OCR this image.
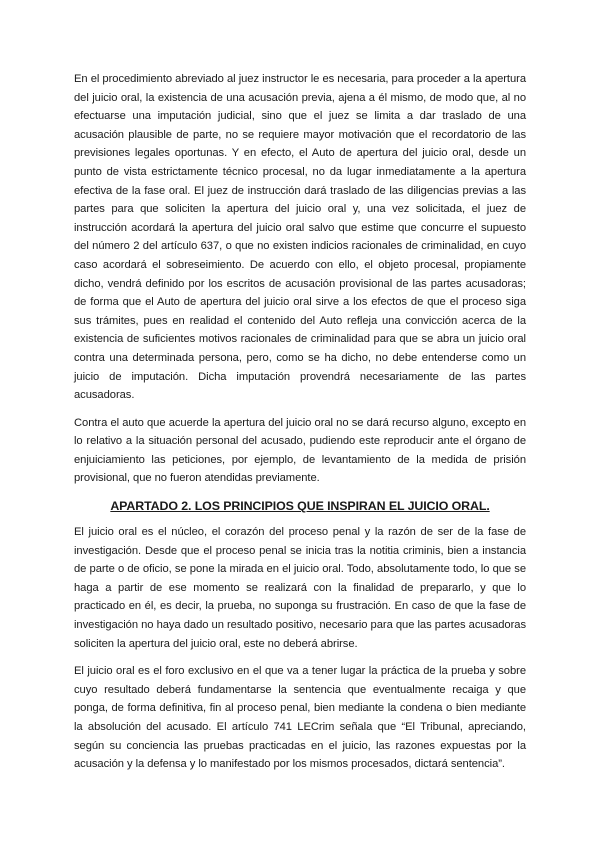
En el procedimiento abreviado al juez instructor le es necesaria, para proceder a la apertura del juicio oral, la existencia de una acusación previa, ajena a él mismo, de modo que, al no efectuarse una imputación judicial, sino que el juez se limita a dar traslado de una acusación plausible de parte, no se requiere mayor motivación que el recordatorio de las previsiones legales oportunas. Y en efecto, el Auto de apertura del juicio oral, desde un punto de vista estrictamente técnico procesal, no da lugar inmediatamente a la apertura efectiva de la fase oral. El juez de instrucción dará traslado de las diligencias previas a las partes para que soliciten la apertura del juicio oral y, una vez solicitada, el juez de instrucción acordará la apertura del juicio oral salvo que estime que concurre el supuesto del número 2 del artículo 637, o que no existen indicios racionales de criminalidad, en cuyo caso acordará el sobreseimiento. De acuerdo con ello, el objeto procesal, propiamente dicho, vendrá definido por los escritos de acusación provisional de las partes acusadoras; de forma que el Auto de apertura del juicio oral sirve a los efectos de que el proceso siga sus trámites, pues en realidad el contenido del Auto refleja una convicción acerca de la existencia de suficientes motivos racionales de criminalidad para que se abra un juicio oral contra una determinada persona, pero, como se ha dicho, no debe entenderse como un juicio de imputación. Dicha imputación provendrá necesariamente de las partes acusadoras.

Contra el auto que acuerde la apertura del juicio oral no se dará recurso alguno, excepto en lo relativo a la situación personal del acusado, pudiendo este reproducir ante el órgano de enjuiciamiento las peticiones, por ejemplo, de levantamiento de la medida de prisión provisional, que no fueron atendidas previamente.

APARTADO 2. LOS PRINCIPIOS QUE INSPIRAN EL JUICIO ORAL.

El juicio oral es el núcleo, el corazón del proceso penal y la razón de ser de la fase de investigación. Desde que el proceso penal se inicia tras la notitia criminis, bien a instancia de parte o de oficio, se pone la mirada en el juicio oral. Todo, absolutamente todo, lo que se haga a partir de ese momento se realizará con la finalidad de prepararlo, y que lo practicado en él, es decir, la prueba, no suponga su frustración. En caso de que la fase de investigación no haya dado un resultado positivo, necesario para que las partes acusadoras soliciten la apertura del juicio oral, este no deberá abrirse.

El juicio oral es el foro exclusivo en el que va a tener lugar la práctica de la prueba y sobre cuyo resultado deberá fundamentarse la sentencia que eventualmente recaiga y que ponga, de forma definitiva, fin al proceso penal, bien mediante la condena o bien mediante la absolución del acusado. El artículo 741 LECrim señala que “El Tribunal, apreciando, según su conciencia las pruebas practicadas en el juicio, las razones expuestas por la acusación y la defensa y lo manifestado por los mismos procesados, dictará sentencia”.
